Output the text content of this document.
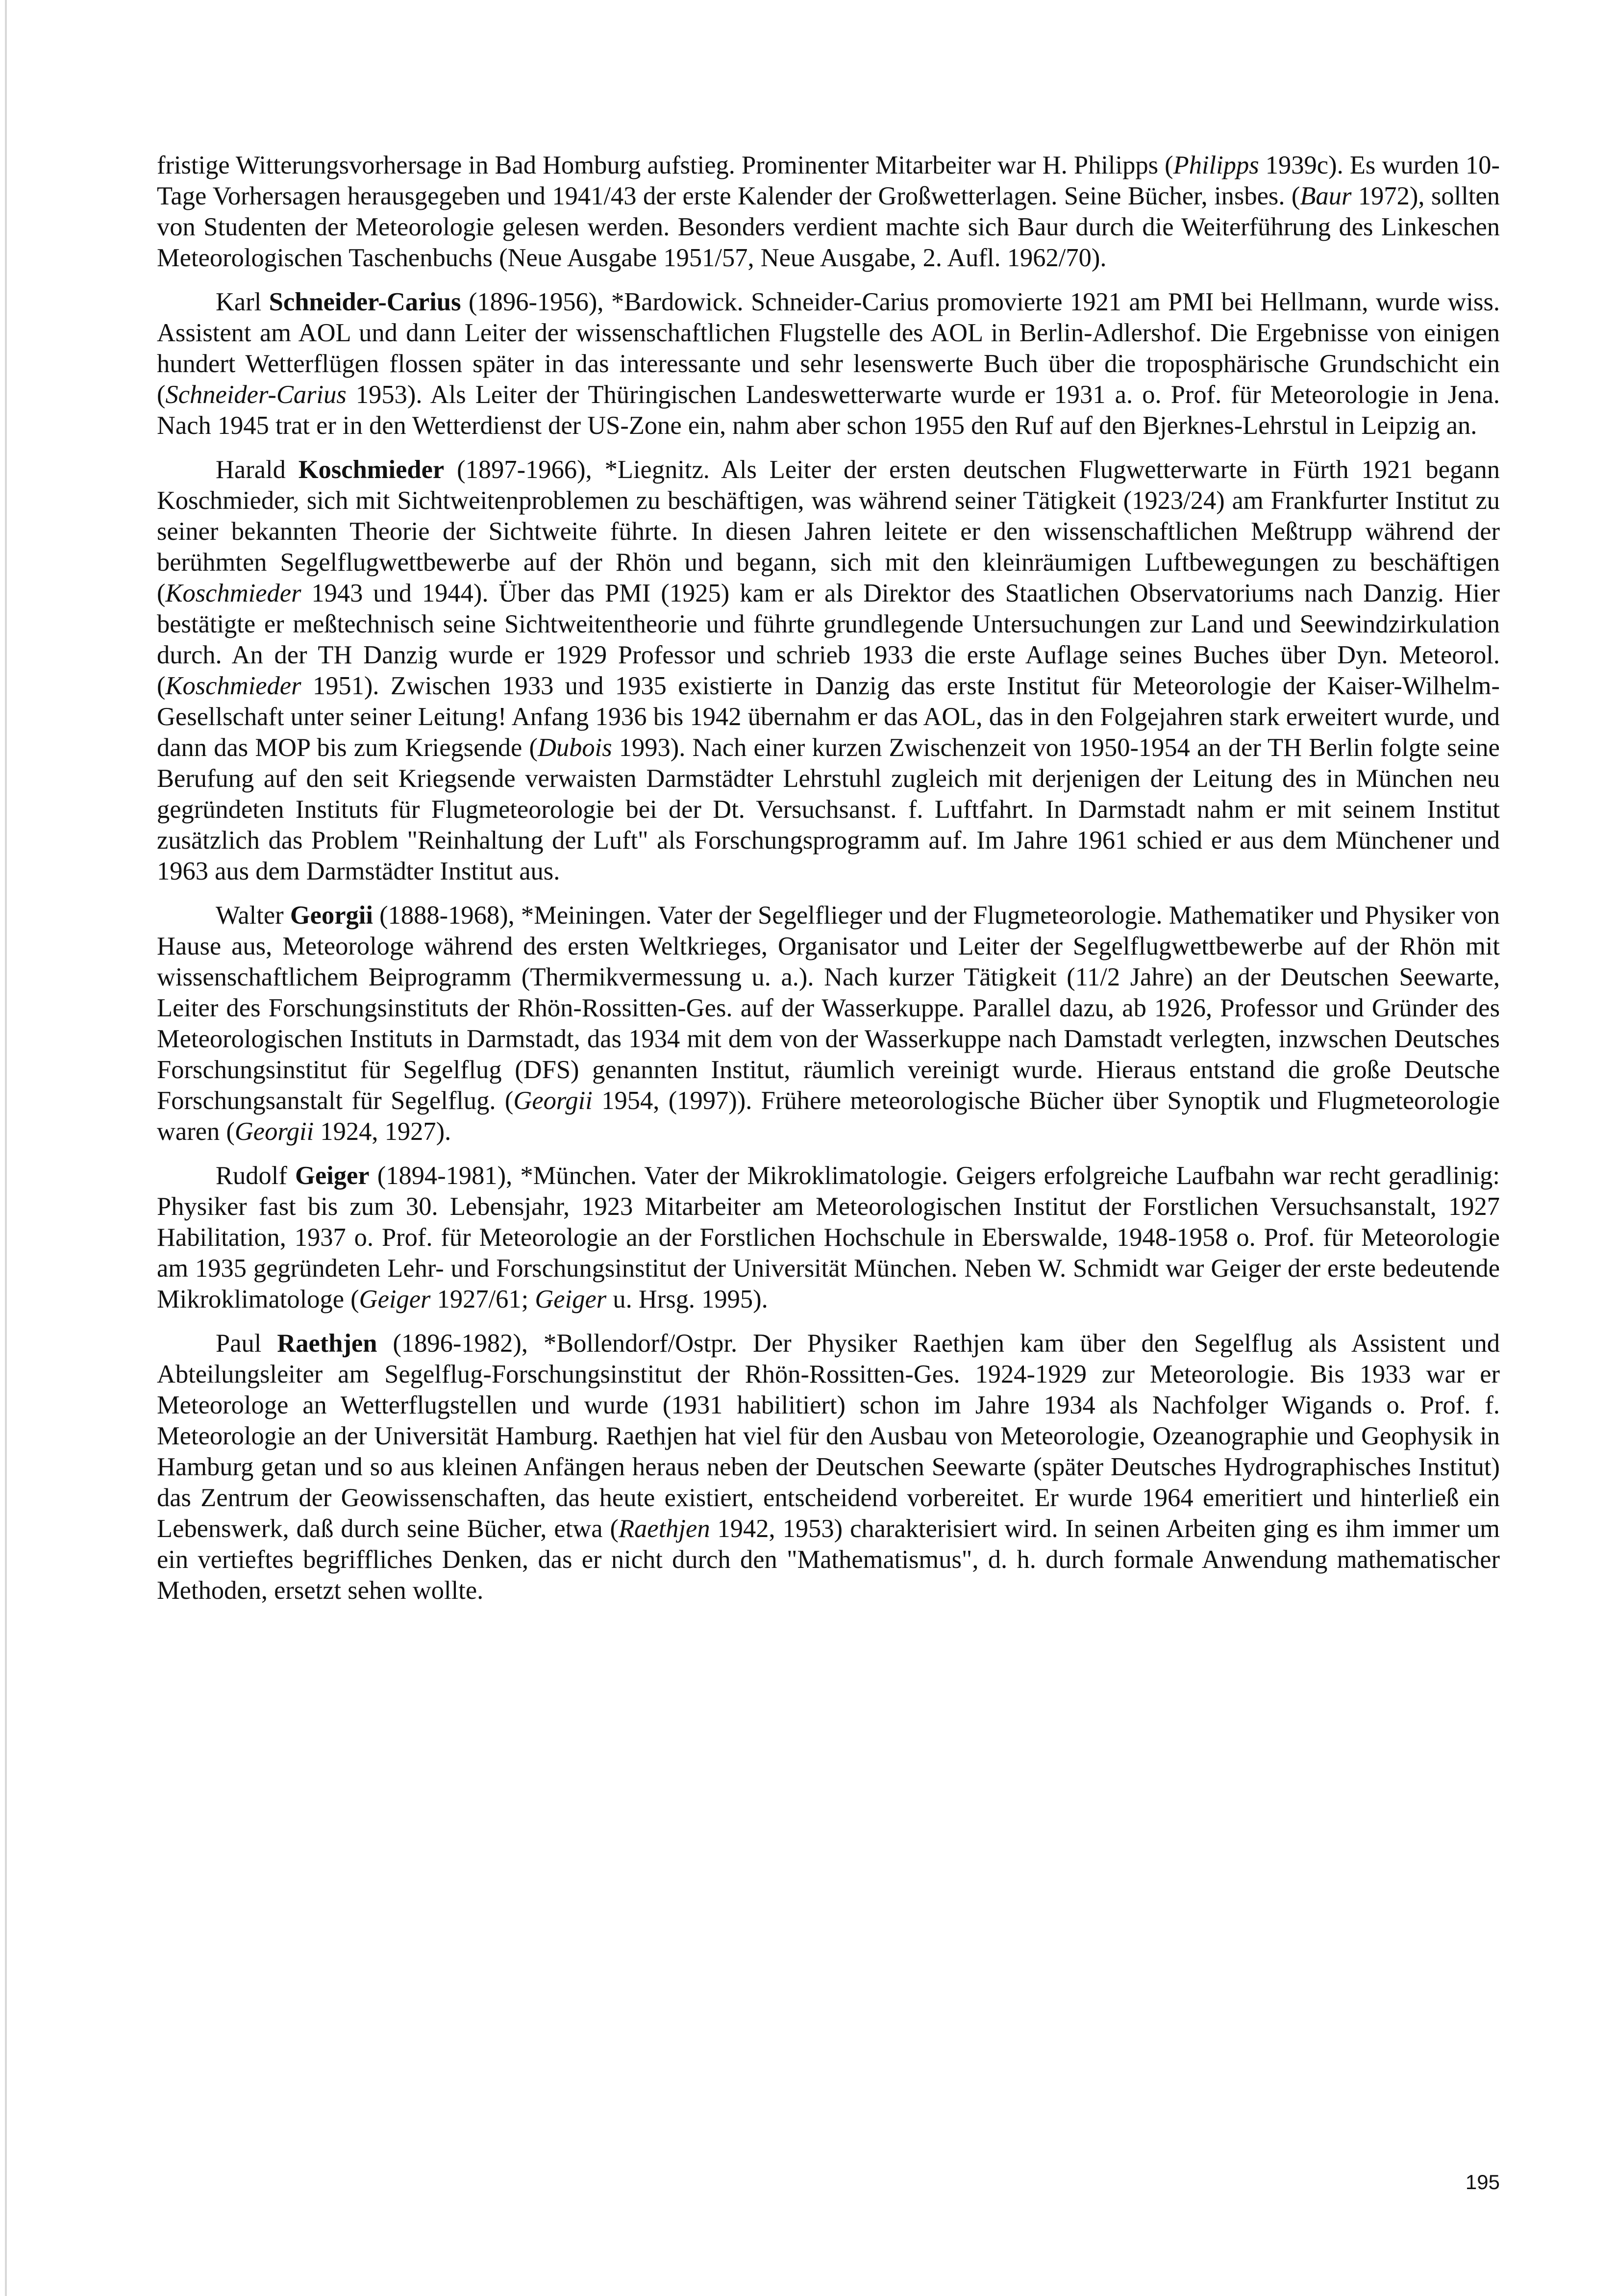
fristige Witterungsvorhersage in Bad Homburg aufstieg. Prominenter Mitarbeiter war H. Philipps (Philipps 1939c). Es wurden 10-Tage Vorhersagen herausgegeben und 1941/43 der erste Kalender der Großwetterlagen. Seine Bücher, insbes. (Baur 1972), sollten von Studenten der Meteorologie gelesen werden. Besonders verdient machte sich Baur durch die Weiterführung des Linkeschen Meteorologischen Taschenbuchs (Neue Ausgabe 1951/57, Neue Ausgabe, 2. Aufl. 1962/70).

Karl Schneider-Carius (1896-1956), *Bardowick. Schneider-Carius promovierte 1921 am PMI bei Hellmann, wurde wiss. Assistent am AOL und dann Leiter der wissenschaftlichen Flugstelle des AOL in Berlin-Adlershof. Die Ergebnisse von einigen hundert Wetterflügen flossen später in das interessante und sehr lesenswerte Buch über die troposphärische Grundschicht ein (Schneider-Carius 1953). Als Leiter der Thüringischen Landeswetterwarte wurde er 1931 a. o. Prof. für Meteorologie in Jena. Nach 1945 trat er in den Wetterdienst der US-Zone ein, nahm aber schon 1955 den Ruf auf den Bjerknes-Lehrstul in Leipzig an.

Harald Koschmieder (1897-1966), *Liegnitz. Als Leiter der ersten deutschen Flugwetterwarte in Fürth 1921 begann Koschmieder, sich mit Sichtweitenproblemen zu beschäftigen, was während seiner Tätigkeit (1923/24) am Frankfurter Institut zu seiner bekannten Theorie der Sichtweite führte. In diesen Jahren leitete er den wissenschaftlichen Meßtrupp während der berühmten Segelflugwettbewerbe auf der Rhön und begann, sich mit den kleinräumigen Luftbewegungen zu beschäftigen (Koschmieder 1943 und 1944). Über das PMI (1925) kam er als Direktor des Staatlichen Observatoriums nach Danzig. Hier bestätigte er meßtechnisch seine Sichtweitentheorie und führte grundlegende Untersuchungen zur Land und Seewindzirkulation durch. An der TH Danzig wurde er 1929 Professor und schrieb 1933 die erste Auflage seines Buches über Dyn. Meteorol. (Koschmieder 1951). Zwischen 1933 und 1935 existierte in Danzig das erste Institut für Meteorologie der Kaiser-Wilhelm-Gesellschaft unter seiner Leitung! Anfang 1936 bis 1942 übernahm er das AOL, das in den Folgejahren stark erweitert wurde, und dann das MOP bis zum Kriegsende (Dubois 1993). Nach einer kurzen Zwischenzeit von 1950-1954 an der TH Berlin folgte seine Berufung auf den seit Kriegsende verwaisten Darmstädter Lehrstuhl zugleich mit derjenigen der Leitung des in München neu gegründeten Instituts für Flugmeteorologie bei der Dt. Versuchsanst. f. Luftfahrt. In Darmstadt nahm er mit seinem Institut zusätzlich das Problem "Reinhaltung der Luft" als Forschungsprogramm auf. Im Jahre 1961 schied er aus dem Münchener und 1963 aus dem Darmstädter Institut aus.

Walter Georgii (1888-1968), *Meiningen. Vater der Segelflieger und der Flugmeteorologie. Mathematiker und Physiker von Hause aus, Meteorologe während des ersten Weltkrieges, Organisator und Leiter der Segelflugwettbewerbe auf der Rhön mit wissenschaftlichem Beiprogramm (Thermikvermessung u. a.). Nach kurzer Tätigkeit (11/2 Jahre) an der Deutschen Seewarte, Leiter des Forschungsinstituts der Rhön-Rossitten-Ges. auf der Wasserkuppe. Parallel dazu, ab 1926, Professor und Gründer des Meteorologischen Instituts in Darmstadt, das 1934 mit dem von der Wasserkuppe nach Damstadt verlegten, inzwschen Deutsches Forschungsinstitut für Segelflug (DFS) genannten Institut, räumlich vereinigt wurde. Hieraus entstand die große Deutsche Forschungsanstalt für Segelflug. (Georgii 1954, (1997)). Frühere meteorologische Bücher über Synoptik und Flugmeteorologie waren (Georgii 1924, 1927).

Rudolf Geiger (1894-1981), *München. Vater der Mikroklimatologie. Geigers erfolgreiche Laufbahn war recht geradlinig: Physiker fast bis zum 30. Lebensjahr, 1923 Mitarbeiter am Meteorologischen Institut der Forstlichen Versuchsanstalt, 1927 Habilitation, 1937 o. Prof. für Meteorologie an der Forstlichen Hochschule in Eberswalde, 1948-1958 o. Prof. für Meteorologie am 1935 gegründeten Lehr- und Forschungsinstitut der Universität München. Neben W. Schmidt war Geiger der erste bedeutende Mikroklimatologe (Geiger 1927/61; Geiger u. Hrsg. 1995).

Paul Raethjen (1896-1982), *Bollendorf/Ostpr. Der Physiker Raethjen kam über den Segelflug als Assistent und Abteilungsleiter am Segelflug-Forschungsinstitut der Rhön-Rossitten-Ges. 1924-1929 zur Meteorologie. Bis 1933 war er Meteorologe an Wetterflugstellen und wurde (1931 habilitiert) schon im Jahre 1934 als Nachfolger Wigands o. Prof. f. Meteorologie an der Universität Hamburg. Raethjen hat viel für den Ausbau von Meteorologie, Ozeanographie und Geophysik in Hamburg getan und so aus kleinen Anfängen heraus neben der Deutschen Seewarte (später Deutsches Hydrographisches Institut) das Zentrum der Geowissenschaften, das heute existiert, entscheidend vorbereitet. Er wurde 1964 emeritiert und hinterließ ein Lebenswerk, daß durch seine Bücher, etwa (Raethjen 1942, 1953) charakterisiert wird. In seinen Arbeiten ging es ihm immer um ein vertieftes begriffliches Denken, das er nicht durch den "Mathematismus", d. h. durch formale Anwendung mathematischer Methoden, ersetzt sehen wollte.

195
